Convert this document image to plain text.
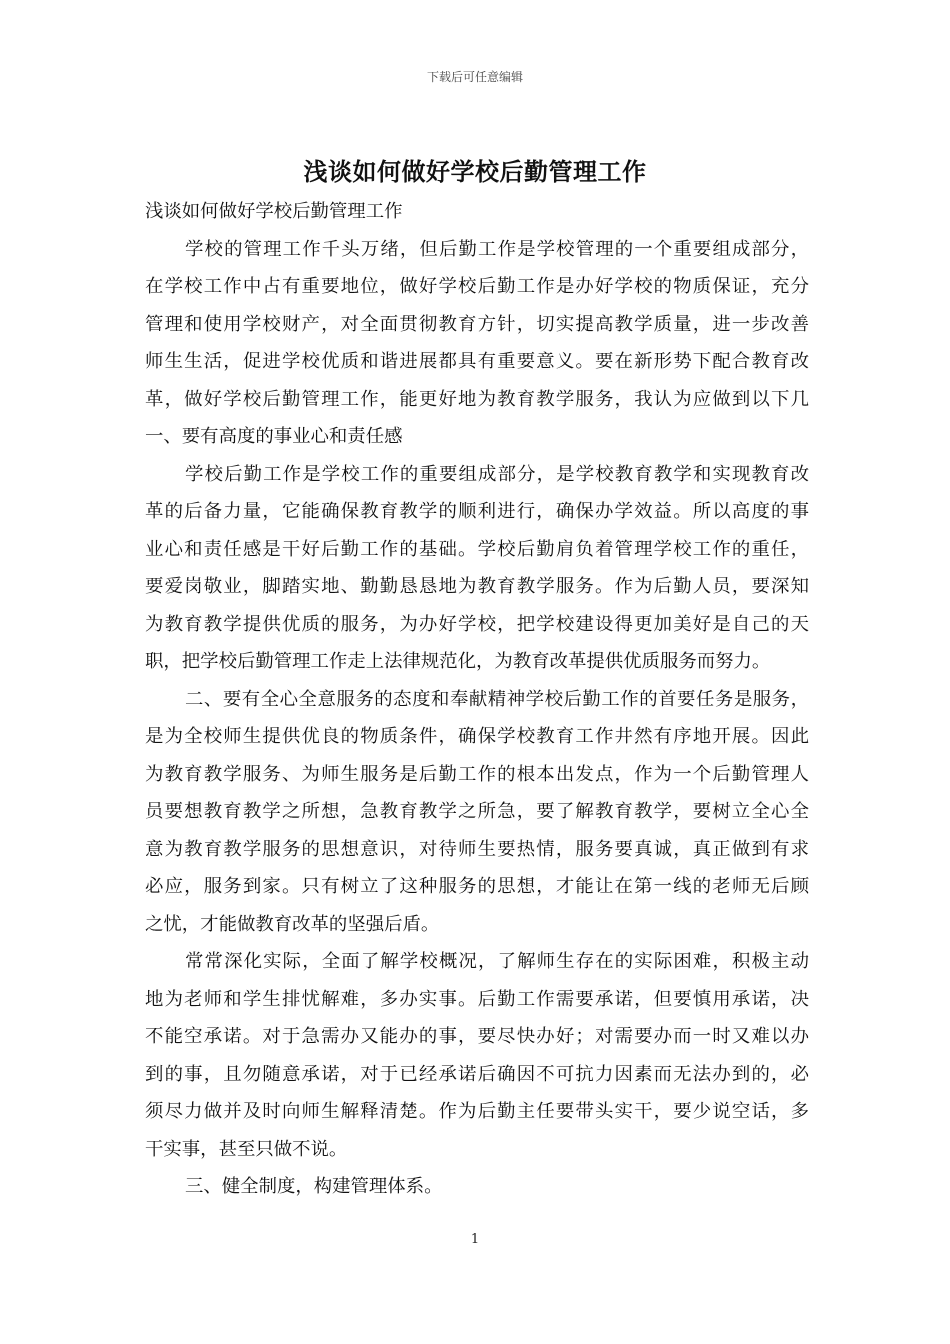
下载后可任意编辑
浅谈如何做好学校后勤管理工作
浅谈如何做好学校后勤管理工作
学校的管理工作千头万绪，但后勤工作是学校管理的一个重要组成部分，
在学校工作中占有重要地位，做好学校后勤工作是办好学校的物质保证，充分
管理和使用学校财产，对全面贯彻教育方针，切实提高教学质量，进一步改善
师生生活，促进学校优质和谐进展都具有重要意义。要在新形势下配合教育改
革，做好学校后勤管理工作，能更好地为教育教学服务，我认为应做到以下几
一、要有高度的事业心和责任感
学校后勤工作是学校工作的重要组成部分，是学校教育教学和实现教育改
革的后备力量，它能确保教育教学的顺利进行，确保办学效益。所以高度的事
业心和责任感是干好后勤工作的基础。学校后勤肩负着管理学校工作的重任，
要爱岗敬业，脚踏实地、勤勤恳恳地为教育教学服务。作为后勤人员，要深知
为教育教学提供优质的服务，为办好学校，把学校建设得更加美好是自己的天
职，把学校后勤管理工作走上法律规范化，为教育改革提供优质服务而努力。
二、要有全心全意服务的态度和奉献精神学校后勤工作的首要任务是服务，
是为全校师生提供优良的物质条件，确保学校教育工作井然有序地开展。因此
为教育教学服务、为师生服务是后勤工作的根本出发点，作为一个后勤管理人
员要想教育教学之所想，急教育教学之所急，要了解教育教学，要树立全心全
意为教育教学服务的思想意识，对待师生要热情，服务要真诚，真正做到有求
必应，服务到家。只有树立了这种服务的思想，才能让在第一线的老师无后顾
之忧，才能做教育改革的坚强后盾。
常常深化实际，全面了解学校概况，了解师生存在的实际困难，积极主动
地为老师和学生排忧解难，多办实事。后勤工作需要承诺，但要慎用承诺，决
不能空承诺。对于急需办又能办的事，要尽快办好；对需要办而一时又难以办
到的事，且勿随意承诺，对于已经承诺后确因不可抗力因素而无法办到的，必
须尽力做并及时向师生解释清楚。作为后勤主任要带头实干，要少说空话，多
干实事，甚至只做不说。
三、健全制度，构建管理体系。
1
